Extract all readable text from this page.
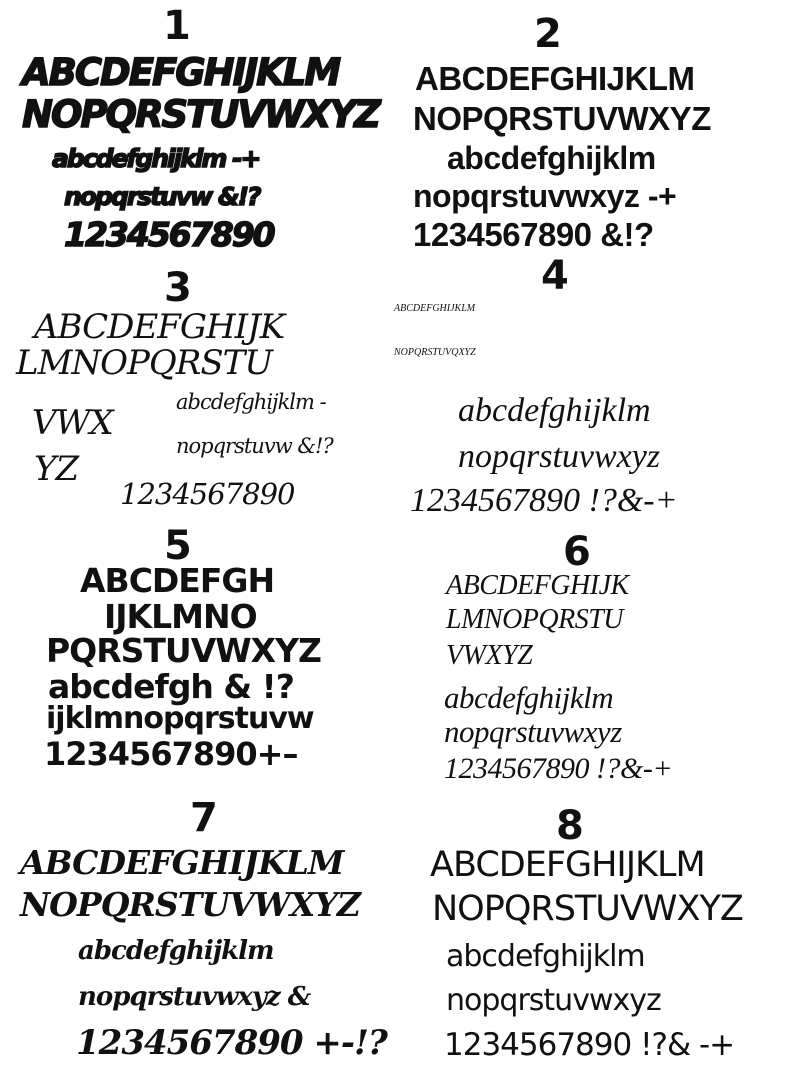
1
ABCDEFGHIJKLM
NOPQRSTUVWXYZ
abcdefghijklm -+
nopqrstuvw &!?
1234567890
2
ABCDEFGHIJKLM
NOPQRSTUVWXYZ
abcdefghijklm
nopqrstuvwxyz -+
1234567890 &!?
3
ABCDEFGHIJK
LMNOPQRSTU
VWX
abcdefghijklm -
nopqrstuvw &!?
YZ
1234567890
4
ABCDEFGHIJKLM
NOPQRSTUVQXYZ
abcdefghijklm
nopqrstuvwxyz
1234567890 !?&-+
5
ABCDEFGH
IJKLMNO
PQRSTUVWXYZ
abcdefgh & !?
ijklmnopqrstuvw
1234567890+–
6
ABCDEFGHIJK
LMNOPQRSTU
VWXYZ
abcdefghijklm
nopqrstuvwxyz
1234567890 !?&-+
7
ABCDEFGHIJKLM
NOPQRSTUVWXYZ
abcdefghijklm
nopqrstuvwxyz &
1234567890 +-!?
8
ABCDEFGHIJKLM
NOPQRSTUVWXYZ
abcdefghijklm
nopqrstuvwxyz
1234567890 !?& -+
